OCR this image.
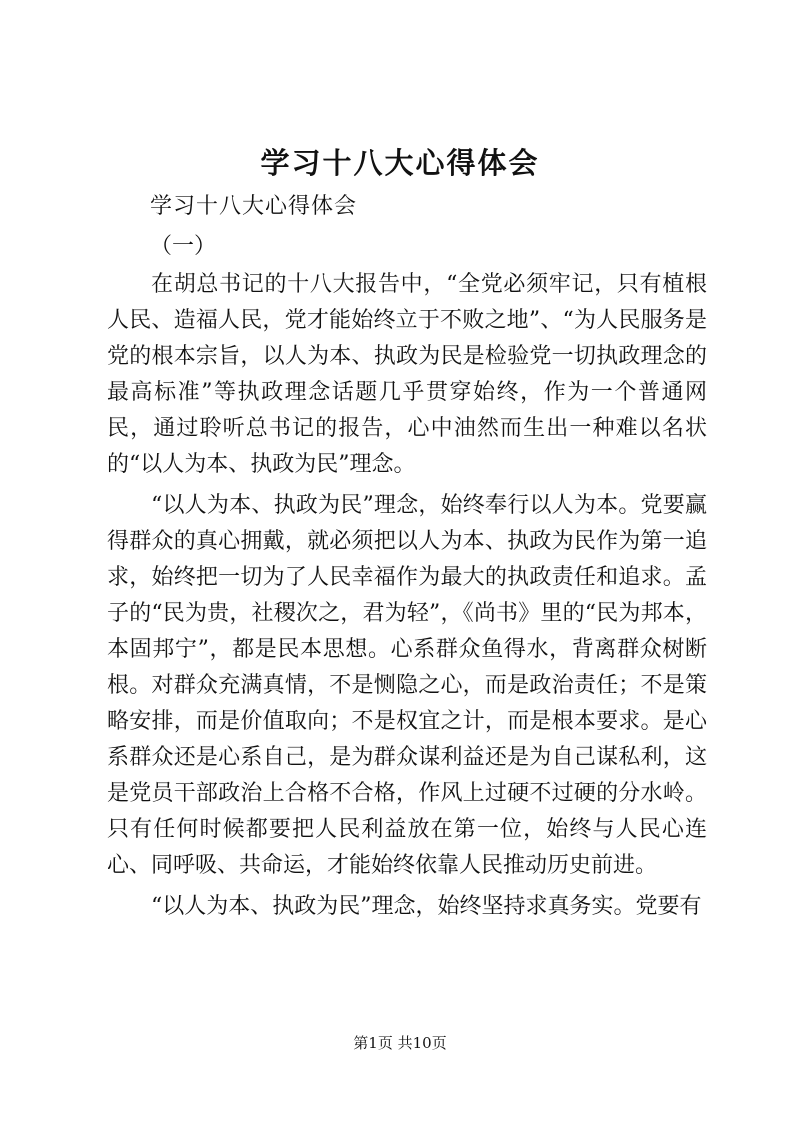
学习十八大心得体会
学习十八大心得体会
（一）

在胡总书记的十八大报告中，“全党必须牢记，只有植根人民、造福人民，党才能始终立于不败之地”、“为人民服务是党的根本宗旨，以人为本、执政为民是检验党一切执政理念的最高标准”等执政理念话题几乎贯穿始终，作为一个普通网民，通过聆听总书记的报告，心中油然而生出一种难以名状的“以人为本、执政为民”理念。

“以人为本、执政为民”理念，始终奉行以人为本。党要赢得群众的真心拥戴，就必须把以人为本、执政为民作为第一追求，始终把一切为了人民幸福作为最大的执政责任和追求。孟子的“民为贵，社稷次之，君为轻”，《尚书》里的“民为邦本，本固邦宁”，都是民本思想。心系群众鱼得水，背离群众树断根。对群众充满真情，不是恻隐之心，而是政治责任；不是策略安排，而是价值取向；不是权宜之计，而是根本要求。是心系群众还是心系自己，是为群众谋利益还是为自己谋私利，这是党员干部政治上合格不合格，作风上过硬不过硬的分水岭。只有任何时候都要把人民利益放在第一位，始终与人民心连心、同呼吸、共命运，才能始终依靠人民推动历史前进。

“以人为本、执政为民”理念，始终坚持求真务实。党要有

第1页 共10页
